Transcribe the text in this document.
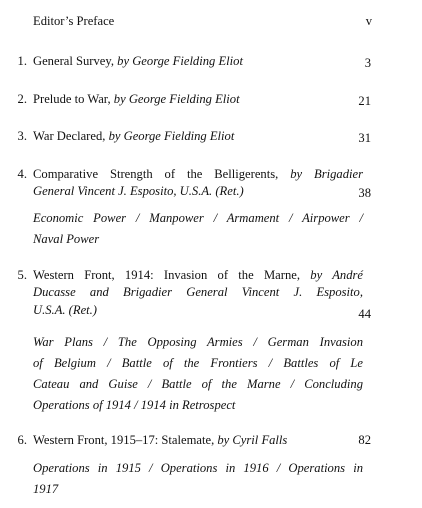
Editor’s Preface	v
1. General Survey, by George Fielding Eliot	3
2. Prelude to War, by George Fielding Eliot	21
3. War Declared, by George Fielding Eliot	31
4. Comparative Strength of the Belligerents, by Brigadier
General Vincent J. Esposito, U.S.A. (Ret.)	38
Economic Power / Manpower / Armament / Airpower /
Naval Power
5. Western Front, 1914: Invasion of the Marne, by André
Ducasse and Brigadier General Vincent J. Esposito,
U.S.A. (Ret.)	44
War Plans / The Opposing Armies / German Invasion
of Belgium / Battle of the Frontiers / Battles of Le
Cateau and Guise / Battle of the Marne / Concluding
Operations of 1914 / 1914 in Retrospect
6. Western Front, 1915–17: Stalemate, by Cyril Falls	82
Operations in 1915 / Operations in 1916 / Operations in
1917
